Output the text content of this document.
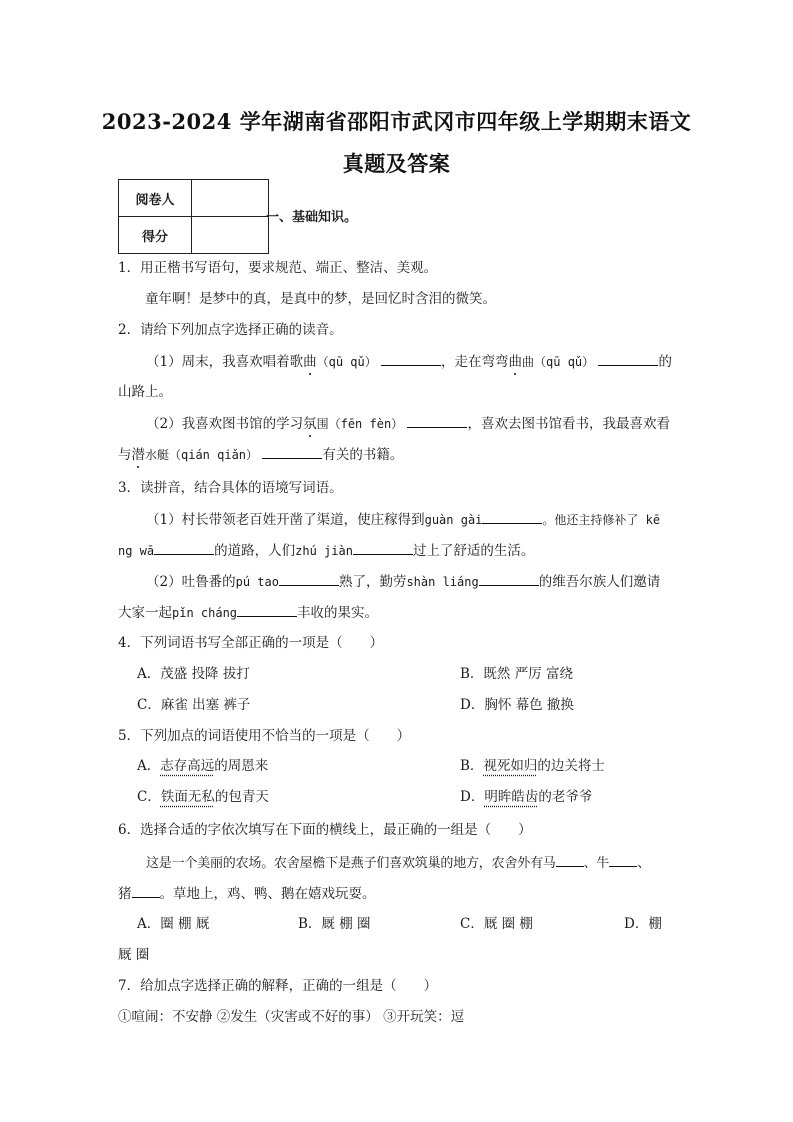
2023-2024 学年湖南省邵阳市武冈市四年级上学期期末语文
真题及答案
阅卷人	
得分	
一、基础知识。
1．用正楷书写语句，要求规范、端正、整洁、美观。
童年啊！是梦中的真，是真中的梦，是回忆时含泪的微笑。
2．请给下列加点字选择正确的读音。
（1）周末，我喜欢唱着歌曲（qū qǔ）	，走在弯弯曲曲（qū qǔ）	的
山路上。
（2）我喜欢图书馆的学习氛围（fēn fèn）	，喜欢去图书馆看书，我最喜欢看
与潜水艇（qián qiǎn）	有关的书籍。
3．读拼音，结合具体的语境写词语。
（1）村长带领老百姓开凿了渠道，使庄稼得到guàn gài	。他还主持修补了 kē
ng wā	的道路，人们zhú jiàn	过上了舒适的生活。
（2）吐鲁番的pú tao	熟了，勤劳shàn liáng	的维吾尔族人们邀请
大家一起pǐn cháng	丰收的果实。
4．下列词语书写全部正确的一项是（　　）
A．茂盛 投降 拔打	B．既然 严厉 富绕
C．麻雀 出塞 裤子	D．胸怀 幕色 撤换
5．下列加点的词语使用不恰当的一项是（　　）
A．志存高远的周恩来	B．视死如归的边关将士
C．铁面无私的包青天	D．明眸皓齿的老爷爷
6．选择合适的字依次填写在下面的横线上，最正确的一组是（　　）
这是一个美丽的农场。农舍屋檐下是燕子们喜欢筑巢的地方，农舍外有马 、牛 、
猪 。草地上，鸡、鸭、鹅在嬉戏玩耍。
A．圈 棚 厩	B．厩 棚 圈	C．厩 圈 棚	D．棚
厩 圈
7．给加点字选择正确的解释，正确的一组是（　　）
①喧闹：不安静 ②发生（灾害或不好的事） ③开玩笑：逗
